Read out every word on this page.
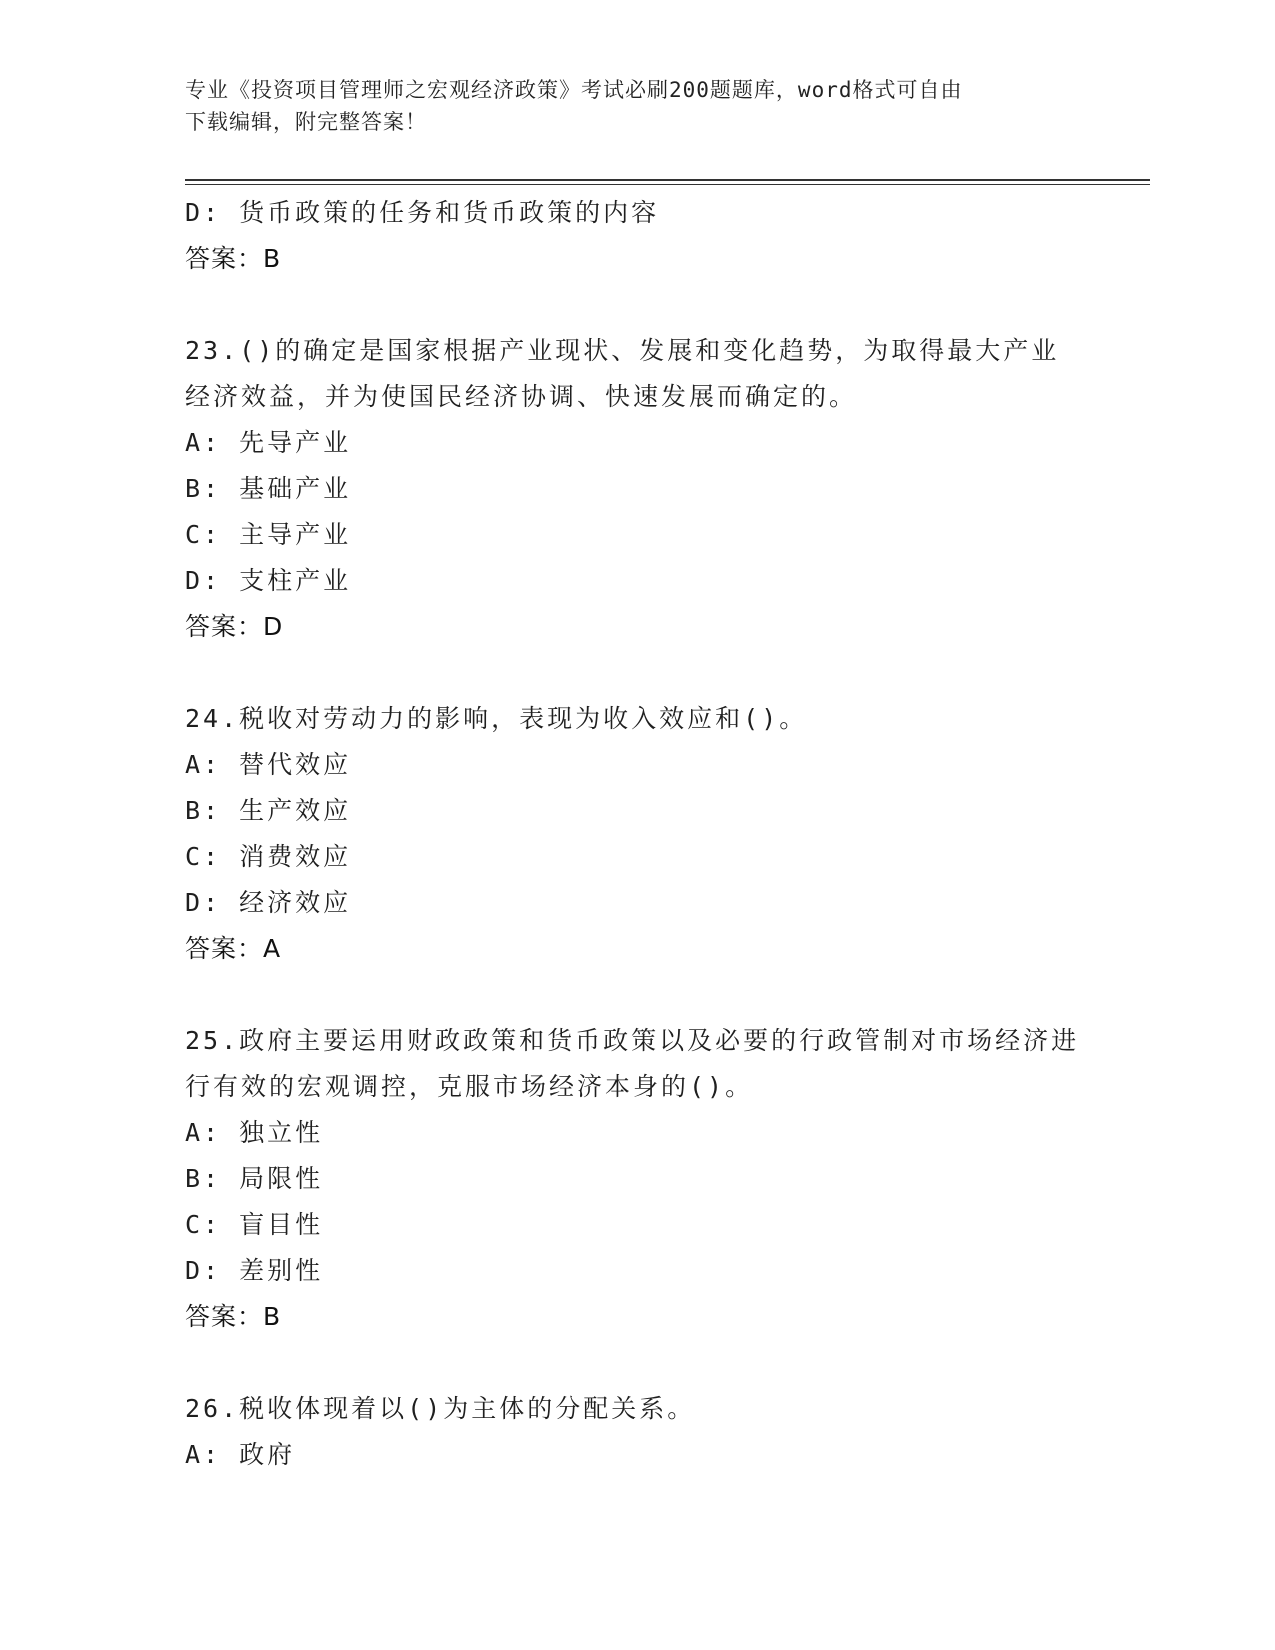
专业《投资项目管理师之宏观经济政策》考试必刷200题题库，word格式可自由
下载编辑，附完整答案！
D: 货币政策的任务和货币政策的内容
答案：B
23.()的确定是国家根据产业现状、发展和变化趋势，为取得最大产业经济效益，并为使国民经济协调、快速发展而确定的。
A: 先导产业
B: 基础产业
C: 主导产业
D: 支柱产业
答案：D
24.税收对劳动力的影响，表现为收入效应和()。
A: 替代效应
B: 生产效应
C: 消费效应
D: 经济效应
答案：A
25.政府主要运用财政政策和货币政策以及必要的行政管制对市场经济进行有效的宏观调控，克服市场经济本身的()。
A: 独立性
B: 局限性
C: 盲目性
D: 差别性
答案：B
26.税收体现着以()为主体的分配关系。
A: 政府
